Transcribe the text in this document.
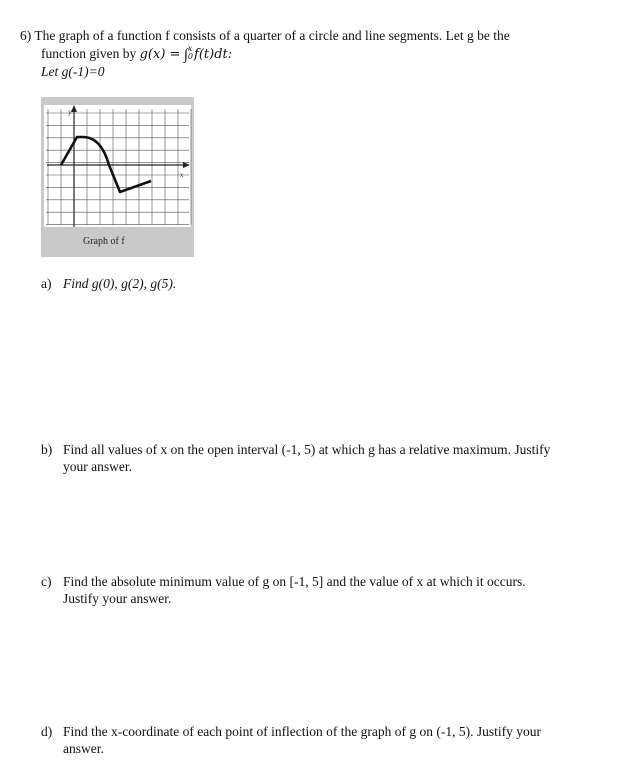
6) The graph of a function f consists of a quarter of a circle and line segments. Let g be the
function given by g(x) = ∫ x
0 f(t)dt:
Let g(-1)=0
y
x
Graph of f
a) Find g(0), g(2), g(5).
b) Find all values of x on the open interval (-1, 5) at which g has a relative maximum. Justify
your answer.
c) Find the absolute minimum value of g on [-1, 5] and the value of x at which it occurs.
Justify your answer.
d) Find the x-coordinate of each point of inflection of the graph of g on (-1, 5). Justify your
answer.
